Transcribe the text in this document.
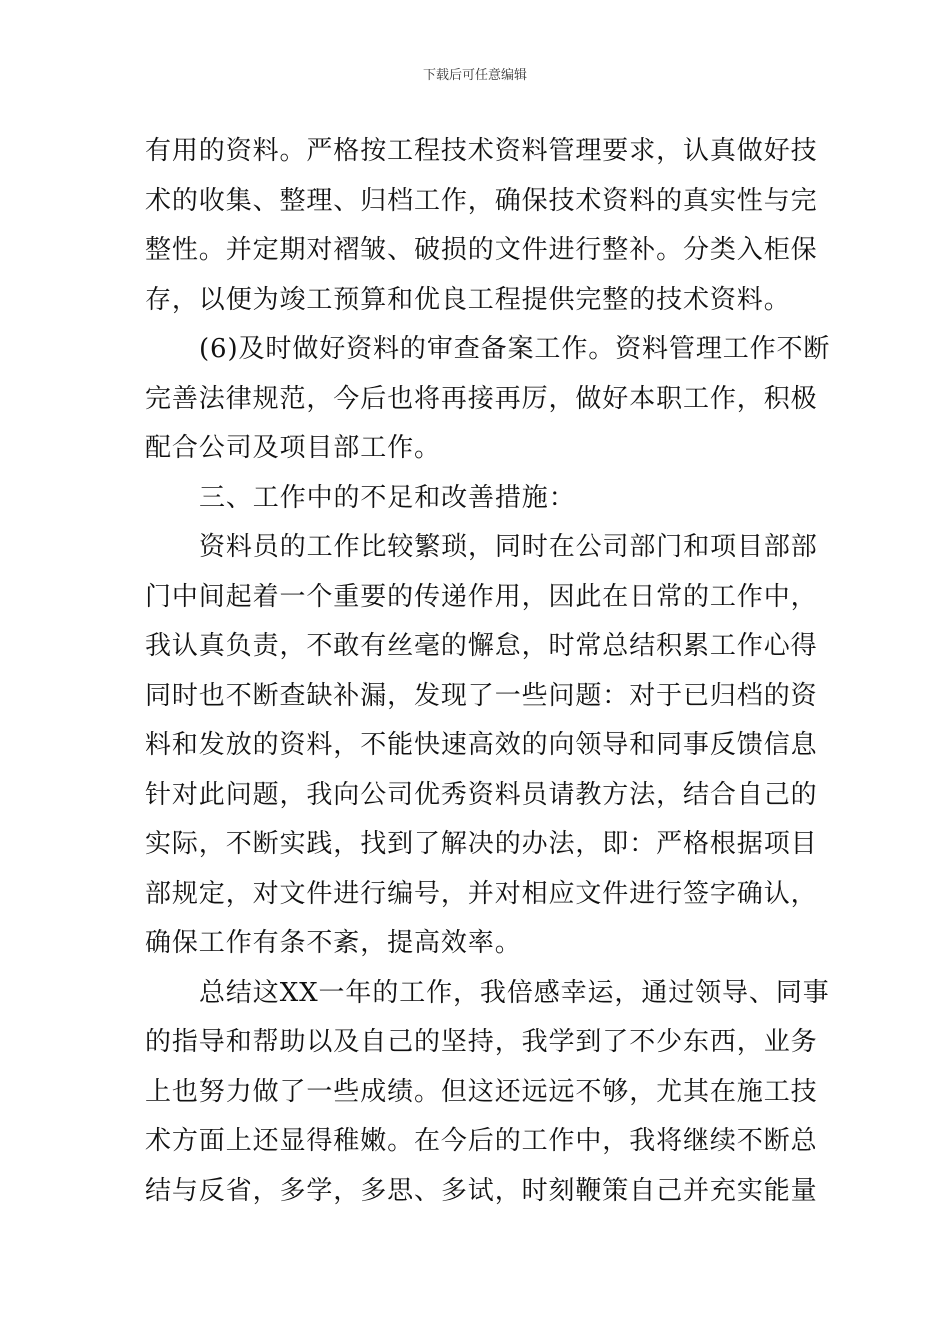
下载后可任意编辑
有用的资料。严格按工程技术资料管理要求，认真做好技
术的收集、整理、归档工作，确保技术资料的真实性与完
整性。并定期对褶皱、破损的文件进行整补。分类入柜保
存，以便为竣工预算和优良工程提供完整的技术资料。
(6)及时做好资料的审查备案工作。资料管理工作不断
完善法律规范，今后也将再接再厉，做好本职工作，积极
配合公司及项目部工作。
三、工作中的不足和改善措施：
资料员的工作比较繁琐，同时在公司部门和项目部部
门中间起着一个重要的传递作用，因此在日常的工作中，
我认真负责，不敢有丝毫的懈怠，时常总结积累工作心得
同时也不断查缺补漏，发现了一些问题：对于已归档的资
料和发放的资料，不能快速高效的向领导和同事反馈信息
针对此问题，我向公司优秀资料员请教方法，结合自己的
实际，不断实践，找到了解决的办法，即：严格根据项目
部规定，对文件进行编号，并对相应文件进行签字确认，
确保工作有条不紊，提高效率。
总结这XX一年的工作，我倍感幸运，通过领导、同事
的指导和帮助以及自己的坚持，我学到了不少东西，业务
上也努力做了一些成绩。但这还远远不够，尤其在施工技
术方面上还显得稚嫩。在今后的工作中，我将继续不断总
结与反省，多学，多思、多试，时刻鞭策自己并充实能量
